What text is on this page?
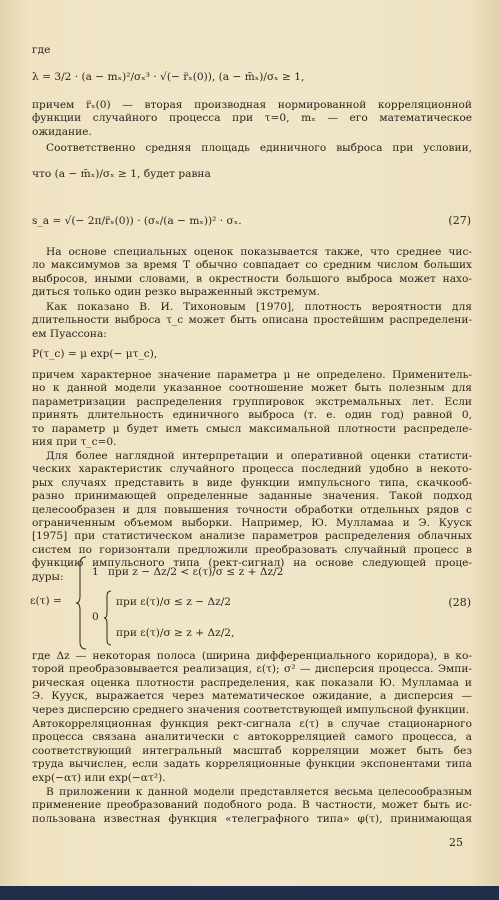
где
λ = 3/2 · (a − mₓ)²/σₓ³ · √(− r̈ₓ(0)), (a − m̄ₓ)/σₓ ≥ 1,
причем r̈ₓ(0) — вторая производная нормированной корреляционной
функции случайного процесса при τ=0, mₓ — его математическое
ожидание.
Соответственно средняя площадь единичного выброса при условии,
что (a − m̄ₓ)/σₓ ≥ 1, будет равна
s_a = √(− 2π/r̈ₓ(0)) · (σₓ/(a − mₓ))² · σₓ.	(27)
На основе специальных оценок показывается также, что среднее чис-
ло максимумов за время T обычно совпадает со средним числом больших
выбросов, иными словами, в окрестности большого выброса может нахо-
диться только один резко выраженный экстремум.
Как показано В. И. Тихоновым [1970], плотность вероятности для
длительности выброса τ_c может быть описана простейшим распределени-
ем Пуассона:
P(τ_c) = μ exp(− μτ_c),
причем характерное значение параметра μ не определено. Применитель-
но к данной модели указанное соотношение может быть полезным для
параметризации распределения группировок экстремальных лет. Если
принять длительность единичного выброса (т. е. один год) равной 0,
то параметр μ будет иметь смысл максимальной плотности распределе-
ния при τ_c=0.
Для более наглядной интерпретации и оперативной оценки статисти-
ческих характеристик случайного процесса последний удобно в некото-
рых случаях представить в виде функции импульсного типа, скачкооб-
разно принимающей определенные заданные значения. Такой подход
целесообразен и для повышения точности обработки отдельных рядов с
ограниченным объемом выборки. Например, Ю. Мулламаа и Э. Кууск
[1975] при статистическом анализе параметров распределения облачных
систем по горизонтали предложили преобразовать случайный процесс в
функцию импульсного типа (рект-сигнал) на основе следующей проце-
дуры:
ε(τ) =
1 при z − Δz/2 < ε(τ)/σ ≤ z + Δz/2
0
при ε(τ)/σ ≤ z − Δz/2
при ε(τ)/σ ≥ z + Δz/2,
(28)
где Δz — некоторая полоса (ширина дифференциального коридора), в ко-
торой преобразовывается реализация, ε(τ); σ² — дисперсия процесса. Эмпи-
рическая оценка плотности распределения, как показали Ю. Мулламаа и
Э. Кууск, выражается через математическое ожидание, а дисперсия —
через дисперсию среднего значения соответствующей импульсной функции.
Автокорреляционная функция рект-сигнала ε(τ) в случае стационарного
процесса связана аналитически с автокорреляцией самого процесса, а
соответствующий интегральный масштаб корреляции может быть без
труда вычислен, если задать корреляционные функции экспонентами типа
exp(−ατ) или exp(−ατ²).
В приложении к данной модели представляется весьма целесообразным
применение преобразований подобного рода. В частности, может быть ис-
пользована известная функция «телеграфного типа» φ(τ), принимающая
25
